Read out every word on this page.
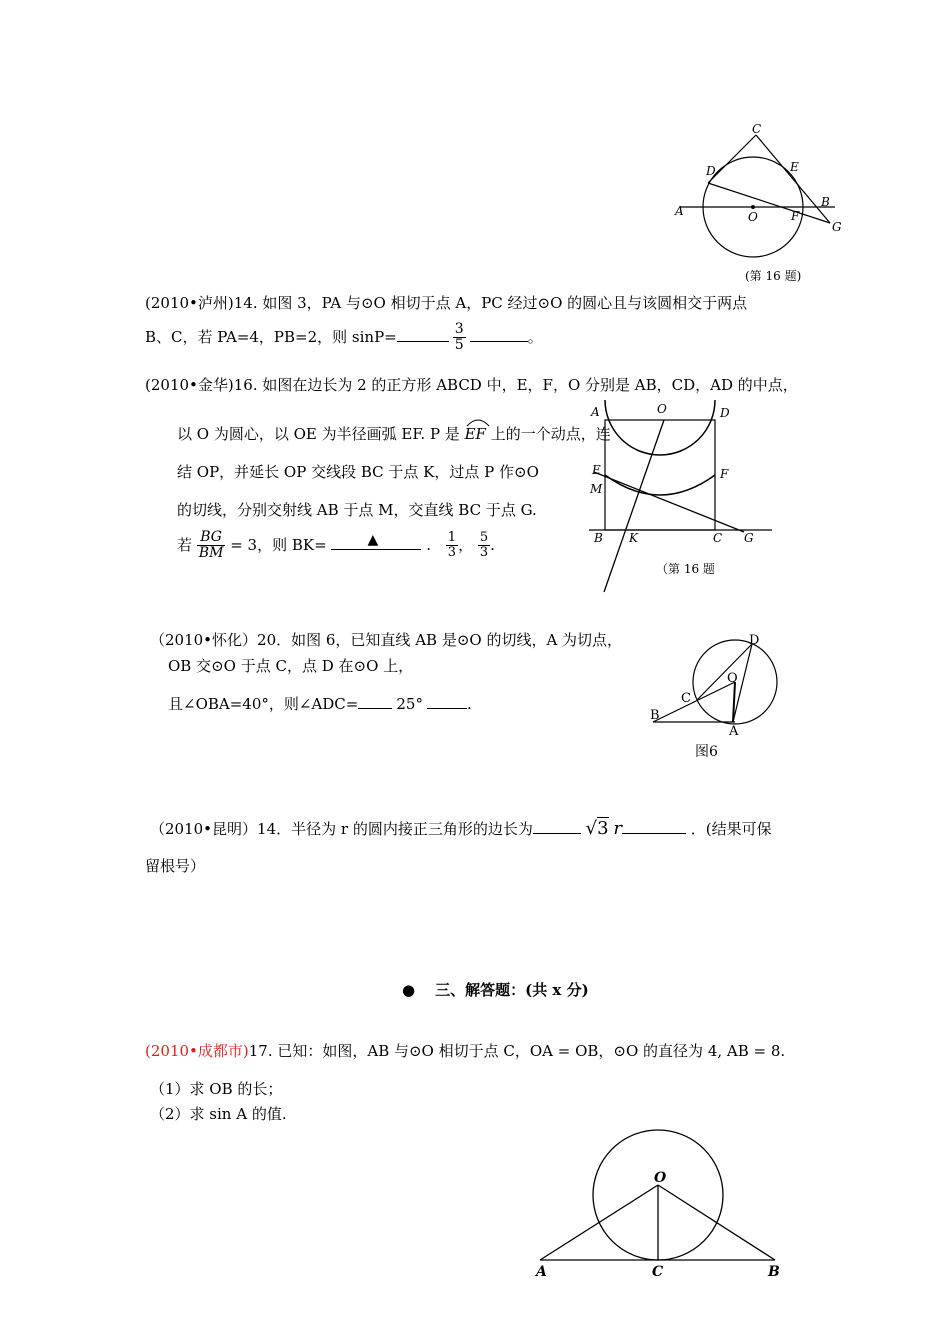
C
D	E
A	O	F
B
G
(第 16 题)
(2010•泸州)14. 如图 3，PA 与⊙O 相切于点 A，PC 经过⊙O 的圆心且与该圆相交于两点
B、C，若 PA=4，PB=2，则 sinP=	$\frac{3}{5}$	。
(2010•金华)16. 如图在边长为 2 的正方形 ABCD 中，E，F，O 分别是 AB，CD，AD 的中点，
以 O 为圆心，以 OE 为半径画弧 EF. P 是 EF 上的一个动点，连
结 OP，并延长 OP 交线段 BC 于点 K，过点 P 作⊙O
的切线，分别交射线 AB 于点 M，交直线 BC 于点 G.
若 $\frac{BG}{BM} = 3$，则 BK=	▲	. $\frac{1}{3}$ ， $\frac{5}{3}$ .
A	O	D
E
M
F
B K	C G
（第 16 题
（2010•怀化）20．如图 6，已知直线 AB 是⊙O 的切线，A 为切点，
OB 交⊙O 于点 C，点 D 在⊙O 上，
且∠OBA=40°，则∠ADC=	25°	.
D
O
C
B
A
图6
（2010•昆明）14．半径为 r 的圆内接正三角形的边长为	√3 r	．(结果可保
留根号）
● 三、解答题：(共 x 分)
(2010•成都市)17. 已知：如图，AB 与⊙O 相切于点 C，OA = OB，⊙O 的直径为 4, AB = 8.
（1）求 OB 的长；
（2）求 sin A 的值.
O
A	C	B
